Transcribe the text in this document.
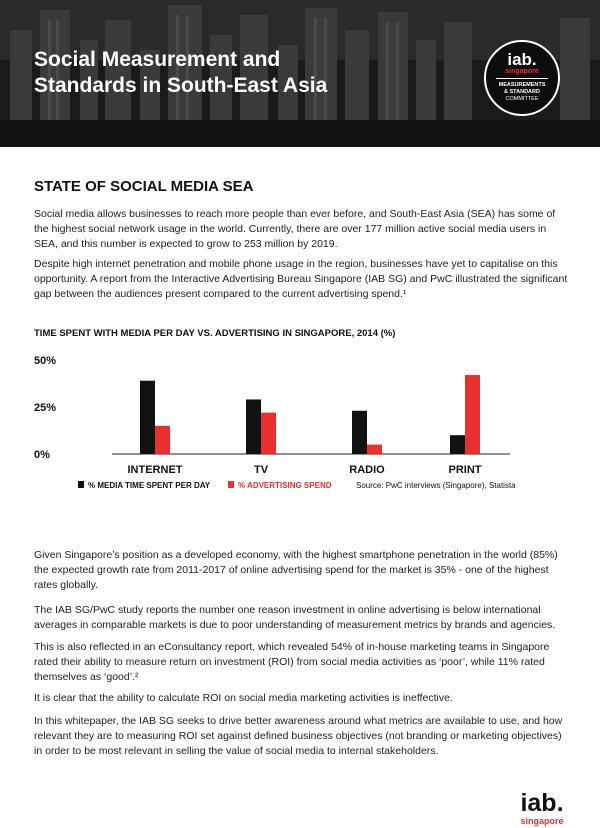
Social Measurement and
Standards in South-East Asia
iab.
singapore
MEASUREMENTS
& STANDARD
COMMITTEE
STATE OF SOCIAL MEDIA SEA

Social media allows businesses to reach more people than ever before, and South-East Asia (SEA) has some of the highest social network usage in the world. Currently, there are over 177 million active social media users in SEA, and this number is expected to grow to 253 million by 2019.

Despite high internet penetration and mobile phone usage in the region, businesses have yet to capitalise on this opportunity. A report from the Interactive Advertising Bureau Singapore (IAB SG) and PwC illustrated the significant gap between the audiences present compared to the current advertising spend.¹

TIME SPENT WITH MEDIA PER DAY VS. ADVERTISING IN SINGAPORE, 2014 (%)
0%
25%
50%
INTERNET	TV	RADIO	PRINT
% MEDIA TIME SPENT PER DAY	% ADVERTISING SPEND	Source: PwC interviews (Singapore), Statista

Given Singapore’s position as a developed economy, with the highest smartphone penetration in the world (85%) the expected growth rate from 2011-2017 of online advertising spend for the market is 35% - one of the highest rates globally.

The IAB SG/PwC study reports the number one reason investment in online advertising is below international averages in comparable markets is due to poor understanding of measurement metrics by brands and agencies.

This is also reflected in an eConsultancy report, which revealed 54% of in-house marketing teams in Singapore rated their ability to measure return on investment (ROI) from social media activities as ‘poor’, while 11% rated themselves as ‘good’.²

It is clear that the ability to calculate ROI on social media marketing activities is ineffective.

In this whitepaper, the IAB SG seeks to drive better awareness around what metrics are available to use, and how relevant they are to measuring ROI set against defined business objectives (not branding or marketing objectives) in order to be most relevant in selling the value of social media to internal stakeholders.

iab.
singapore
